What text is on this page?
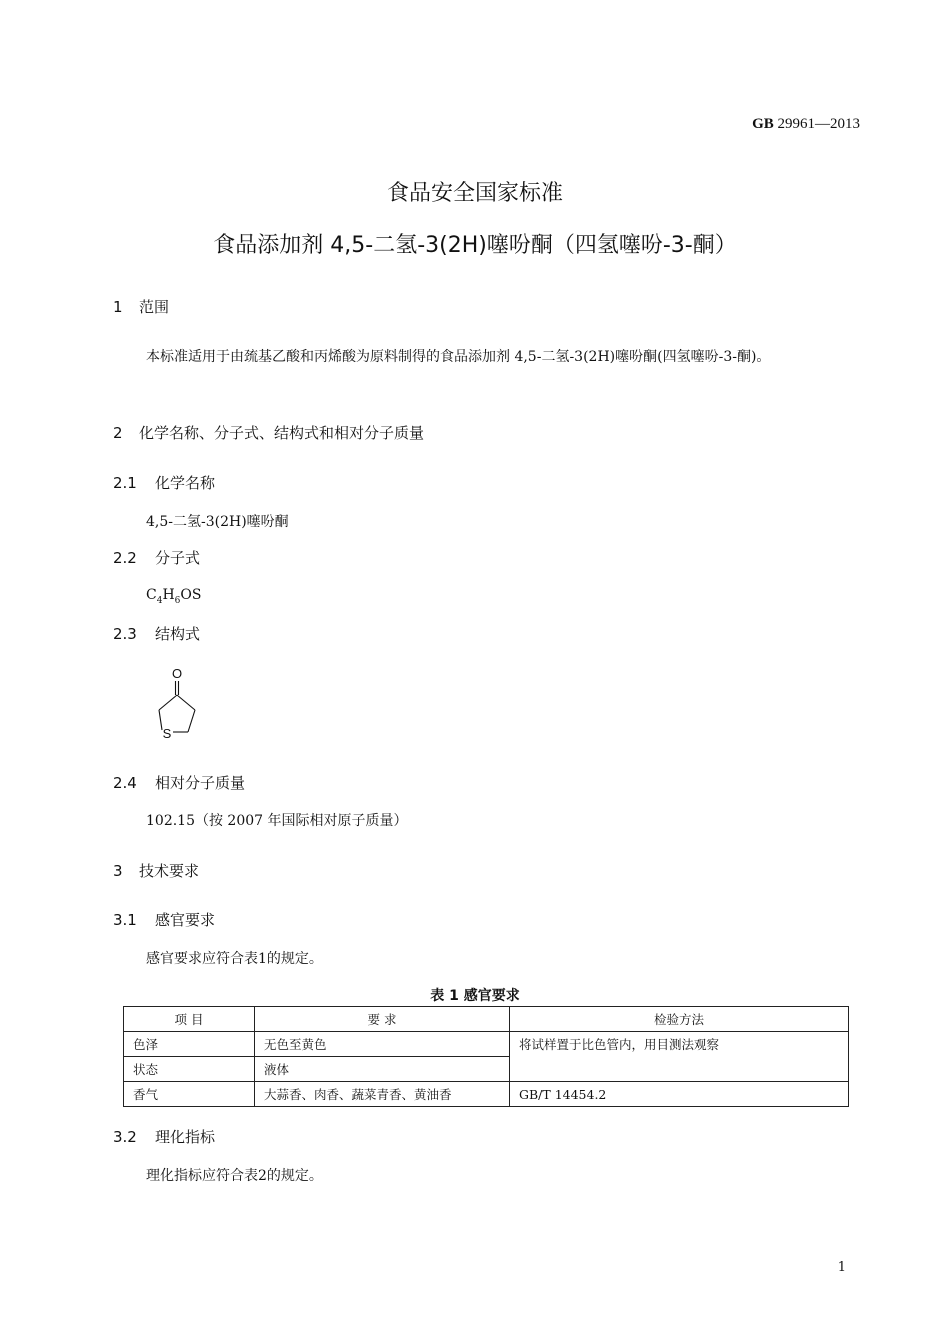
GB 29961—2013
食品安全国家标准
食品添加剂 4,5-二氢-3(2H)噻吩酮（四氢噻吩-3-酮）
1 范围
本标准适用于由巯基乙酸和丙烯酸为原料制得的食品添加剂 4,5-二氢-3(2H)噻吩酮(四氢噻吩-3-酮)。
2 化学名称、分子式、结构式和相对分子质量
2.1 化学名称
4,5-二氢-3(2H)噻吩酮
2.2 分子式
$C_4H_6OS$
2.3 结构式
O
S
2.4 相对分子质量
102.15（按 2007 年国际相对原子质量）
3 技术要求
3.1 感官要求
感官要求应符合表1的规定。
表 1 感官要求
项 目	要 求	检验方法
色泽	无色至黄色	将试样置于比色管内，用目测法观察
状态	液体	
香气	大蒜香、肉香、蔬菜青香、黄油香	GB/T 14454.2
3.2 理化指标
理化指标应符合表2的规定。
1
